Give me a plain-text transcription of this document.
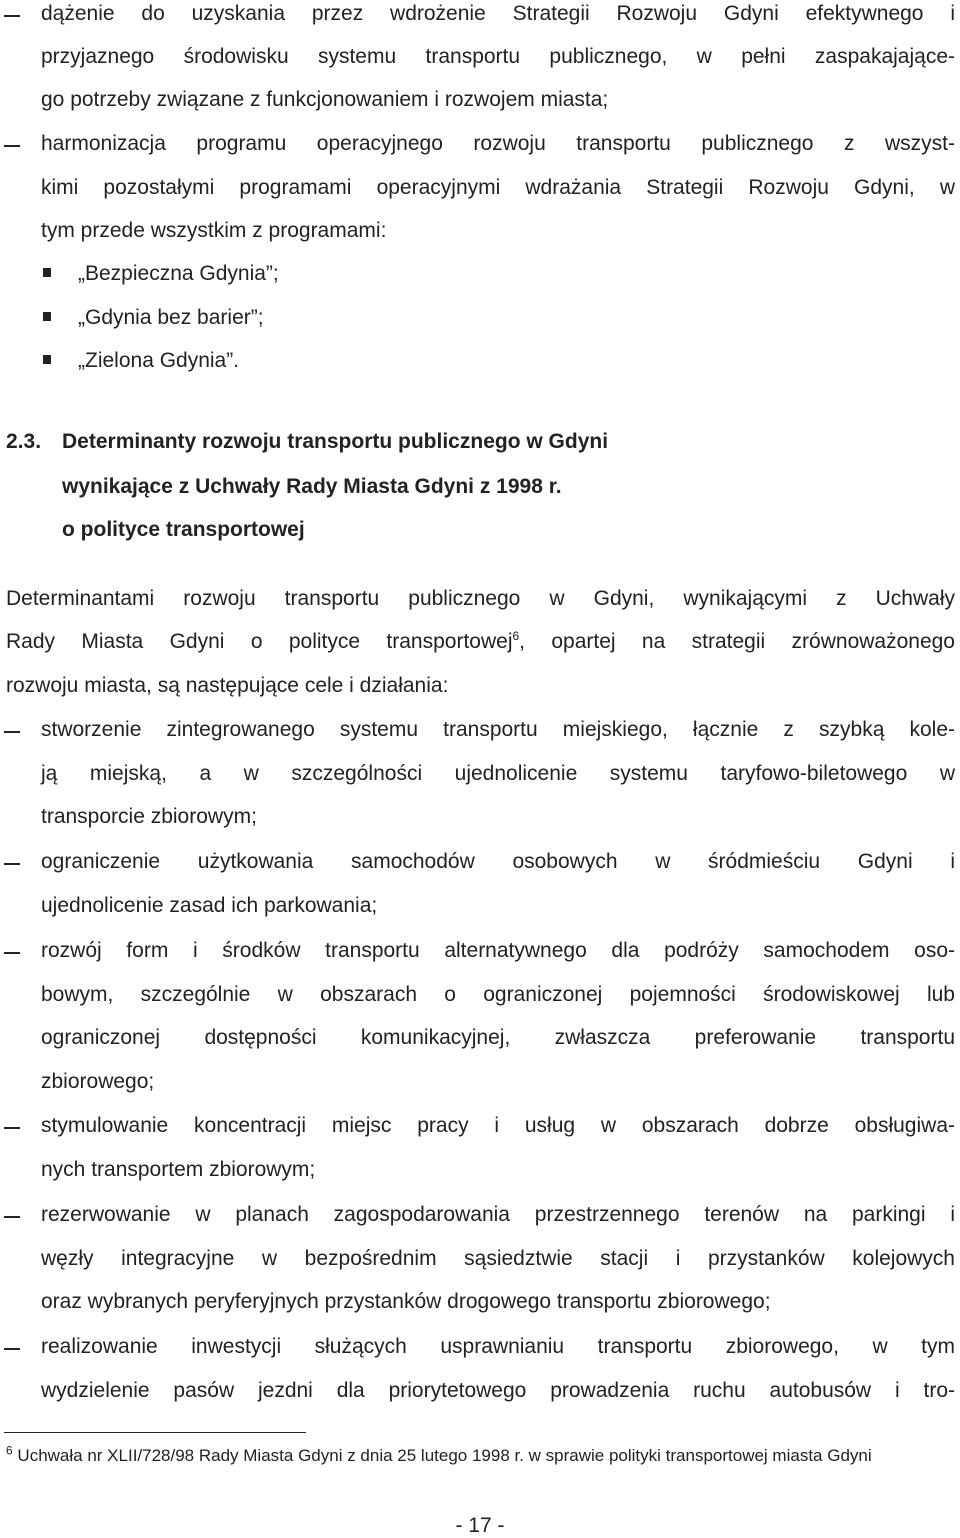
dążenie do uzyskania przez wdrożenie Strategii Rozwoju Gdyni efektywnego i
przyjaznego środowisku systemu transportu publicznego, w pełni zaspakajające-
go potrzeby związane z funkcjonowaniem i rozwojem miasta;
harmonizacja programu operacyjnego rozwoju transportu publicznego z wszyst-
kimi pozostałymi programami operacyjnymi wdrażania Strategii Rozwoju Gdyni, w
tym przede wszystkim z programami:
„Bezpieczna Gdynia”;
„Gdynia bez barier”;
„Zielona Gdynia”.
2.3. Determinanty rozwoju transportu publicznego w Gdyni
wynikające z Uchwały Rady Miasta Gdyni z 1998 r.
o polityce transportowej
Determinantami rozwoju transportu publicznego w Gdyni, wynikającymi z Uchwały
Rady Miasta Gdyni o polityce transportowej$^6$, opartej na strategii zrównoważonego
rozwoju miasta, są następujące cele i działania:
stworzenie zintegrowanego systemu transportu miejskiego, łącznie z szybką kole-
ją miejską, a w szczególności ujednolicenie systemu taryfowo-biletowego w
transporcie zbiorowym;
ograniczenie użytkowania samochodów osobowych w śródmieściu Gdyni i
ujednolicenie zasad ich parkowania;
rozwój form i środków transportu alternatywnego dla podróży samochodem oso-
bowym, szczególnie w obszarach o ograniczonej pojemności środowiskowej lub
ograniczonej dostępności komunikacyjnej, zwłaszcza preferowanie transportu
zbiorowego;
stymulowanie koncentracji miejsc pracy i usług w obszarach dobrze obsługiwa-
nych transportem zbiorowym;
rezerwowanie w planach zagospodarowania przestrzennego terenów na parkingi i
węzły integracyjne w bezpośrednim sąsiedztwie stacji i przystanków kolejowych
oraz wybranych peryferyjnych przystanków drogowego transportu zbiorowego;
realizowanie inwestycji służących usprawnianiu transportu zbiorowego, w tym
wydzielenie pasów jezdni dla priorytetowego prowadzenia ruchu autobusów i tro-
$^6$ Uchwała nr XLII/728/98 Rady Miasta Gdyni z dnia 25 lutego 1998 r. w sprawie polityki transportowej miasta Gdyni
- 17 -
